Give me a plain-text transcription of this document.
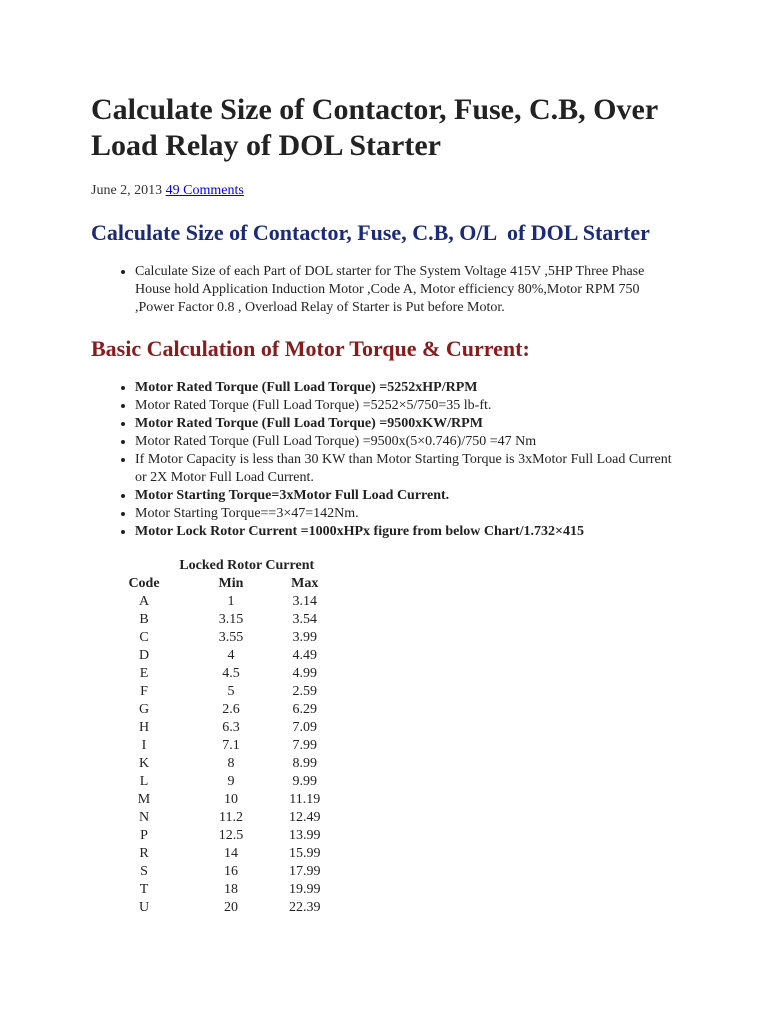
Calculate Size of Contactor, Fuse, C.B, Over Load Relay of DOL Starter
June 2, 2013 49 Comments
Calculate Size of Contactor, Fuse, C.B, O/L  of DOL Starter
• Calculate Size of each Part of DOL starter for The System Voltage 415V ,5HP Three Phase House hold Application Induction Motor ,Code A, Motor efficiency 80%,Motor RPM 750 ,Power Factor 0.8 , Overload Relay of Starter is Put before Motor.
Basic Calculation of Motor Torque & Current:
• Motor Rated Torque (Full Load Torque) =5252xHP/RPM
• Motor Rated Torque (Full Load Torque) =5252×5/750=35 lb-ft.
• Motor Rated Torque (Full Load Torque) =9500xKW/RPM
• Motor Rated Torque (Full Load Torque) =9500x(5×0.746)/750 =47 Nm
• If Motor Capacity is less than 30 KW than Motor Starting Torque is 3xMotor Full Load Current or 2X Motor Full Load Current.
• Motor Starting Torque=3xMotor Full Load Current.
• Motor Starting Torque==3×47=142Nm.
• Motor Lock Rotor Current =1000xHPx figure from below Chart/1.732×415
	Locked Rotor Current	
Code	Min	Max
A	1	3.14
B	3.15	3.54
C	3.55	3.99
D	4	4.49
E	4.5	4.99
F	5	2.59
G	2.6	6.29
H	6.3	7.09
I	7.1	7.99
K	8	8.99
L	9	9.99
M	10	11.19
N	11.2	12.49
P	12.5	13.99
R	14	15.99
S	16	17.99
T	18	19.99
U	20	22.39
